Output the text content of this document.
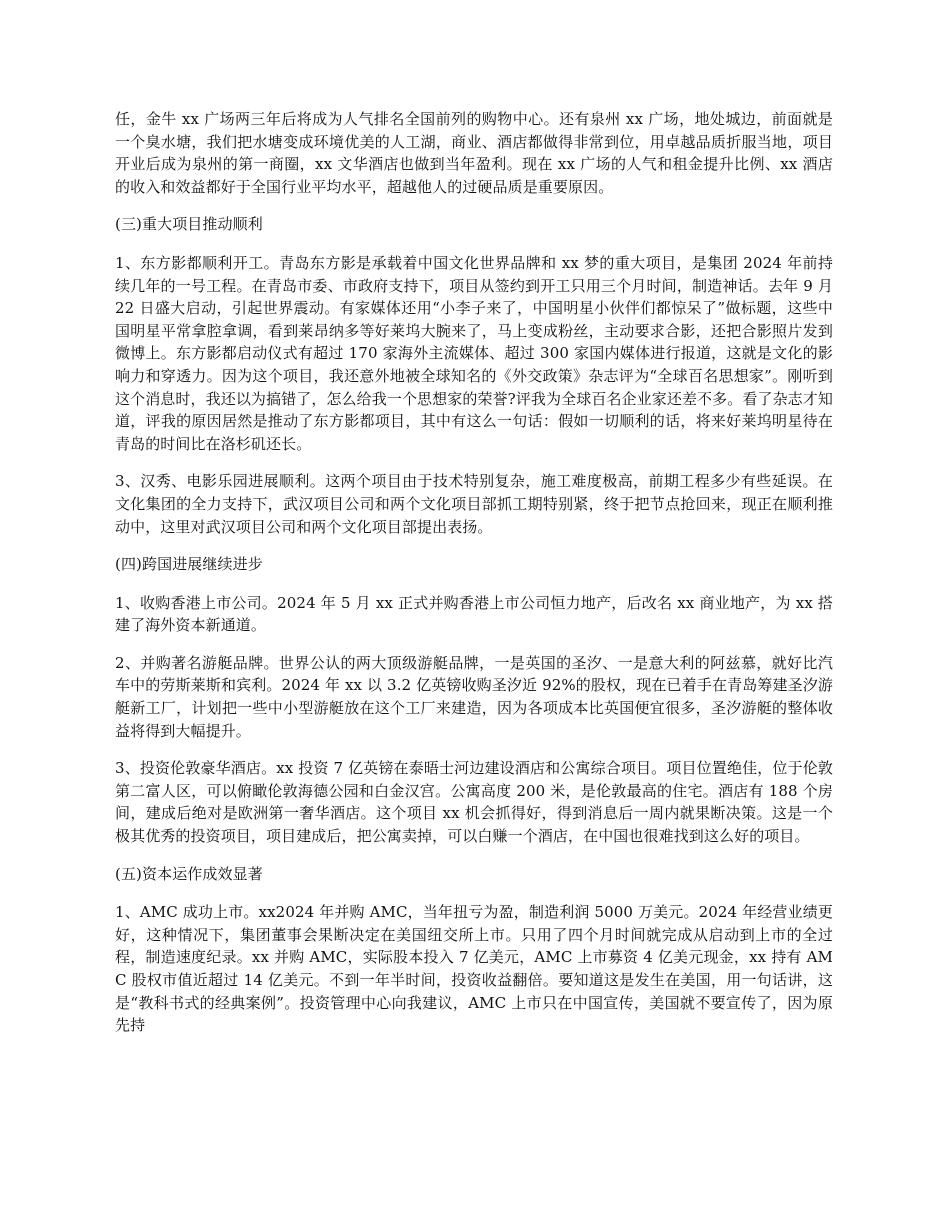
任，金牛 xx 广场两三年后将成为人气排名全国前列的购物中心。还有泉州 xx 广场，地处城边，前面就是一个臭水塘，我们把水塘变成环境优美的人工湖，商业、酒店都做得非常到位，用卓越品质折服当地，项目开业后成为泉州的第一商圈，xx 文华酒店也做到当年盈利。现在 xx 广场的人气和租金提升比例、xx 酒店的收入和效益都好于全国行业平均水平，超越他人的过硬品质是重要原因。

(三)重大项目推动顺利

1、东方影都顺利开工。青岛东方影是承载着中国文化世界品牌和 xx 梦的重大项目，是集团 2024 年前持续几年的一号工程。在青岛市委、市政府支持下，项目从签约到开工只用三个月时间，制造神话。去年 9 月 22 日盛大启动，引起世界震动。有家媒体还用“小李子来了，中国明星小伙伴们都惊呆了”做标题，这些中国明星平常拿腔拿调，看到莱昂纳多等好莱坞大腕来了，马上变成粉丝，主动要求合影，还把合影照片发到微博上。东方影都启动仪式有超过 170 家海外主流媒体、超过 300 家国内媒体进行报道，这就是文化的影响力和穿透力。因为这个项目，我还意外地被全球知名的《外交政策》杂志评为“全球百名思想家”。刚听到这个消息时，我还以为搞错了，怎么给我一个思想家的荣誉?评我为全球百名企业家还差不多。看了杂志才知道，评我的原因居然是推动了东方影都项目，其中有这么一句话：假如一切顺利的话，将来好莱坞明星待在青岛的时间比在洛杉矶还长。

3、汉秀、电影乐园进展顺利。这两个项目由于技术特别复杂，施工难度极高，前期工程多少有些延误。在文化集团的全力支持下，武汉项目公司和两个文化项目部抓工期特别紧，终于把节点抢回来，现正在顺利推动中，这里对武汉项目公司和两个文化项目部提出表扬。

(四)跨国进展继续进步

1、收购香港上市公司。2024 年 5 月 xx 正式并购香港上市公司恒力地产，后改名 xx 商业地产，为 xx 搭建了海外资本新通道。

2、并购著名游艇品牌。世界公认的两大顶级游艇品牌，一是英国的圣汐、一是意大利的阿兹慕，就好比汽车中的劳斯莱斯和宾利。2024 年 xx 以 3.2 亿英镑收购圣汐近 92%的股权，现在已着手在青岛筹建圣汐游艇新工厂，计划把一些中小型游艇放在这个工厂来建造，因为各项成本比英国便宜很多，圣汐游艇的整体收益将得到大幅提升。

3、投资伦敦豪华酒店。xx 投资 7 亿英镑在泰晤士河边建设酒店和公寓综合项目。项目位置绝佳，位于伦敦第二富人区，可以俯瞰伦敦海德公园和白金汉宫。公寓高度 200 米，是伦敦最高的住宅。酒店有 188 个房间，建成后绝对是欧洲第一奢华酒店。这个项目 xx 机会抓得好，得到消息后一周内就果断决策。这是一个极其优秀的投资项目，项目建成后，把公寓卖掉，可以白赚一个酒店，在中国也很难找到这么好的项目。

(五)资本运作成效显著

1、AMC 成功上市。xx2024 年并购 AMC，当年扭亏为盈，制造利润 5000 万美元。2024 年经营业绩更好，这种情况下，集团董事会果断决定在美国纽交所上市。只用了四个月时间就完成从启动到上市的全过程，制造速度纪录。xx 并购 AMC，实际股本投入 7 亿美元，AMC 上市募资 4 亿美元现金，xx 持有 AMC 股权市值近超过 14 亿美元。不到一年半时间，投资收益翻倍。要知道这是发生在美国，用一句话讲，这是“教科书式的经典案例”。投资管理中心向我建议，AMC 上市只在中国宣传，美国就不要宣传了，因为原先持
